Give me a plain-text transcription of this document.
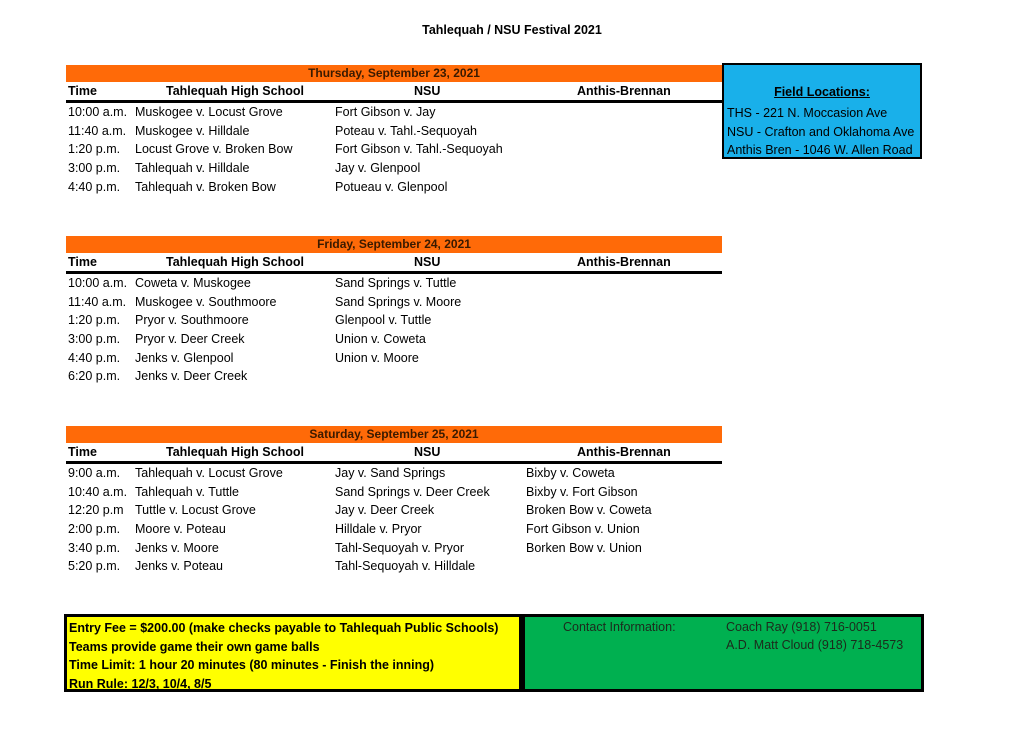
Tahlequah / NSU Festival 2021
Thursday, September 23, 2021
Time	Tahlequah High School	NSU	Anthis-Brennan
10:00 a.m. Muskogee v. Locust Grove	Fort Gibson v. Jay
11:40 a.m. Muskogee v. Hilldale	Poteau v. Tahl.-Sequoyah
1:20 p.m. Locust Grove v. Broken Bow	Fort Gibson v. Tahl.-Sequoyah
3:00 p.m. Tahlequah v. Hilldale	Jay v. Glenpool
4:40 p.m. Tahlequah v. Broken Bow	Potueau v. Glenpool
Friday, September 24, 2021
Time	Tahlequah High School	NSU	Anthis-Brennan
10:00 a.m. Coweta v. Muskogee	Sand Springs v. Tuttle
11:40 a.m. Muskogee v. Southmoore	Sand Springs v. Moore
1:20 p.m. Pryor v. Southmoore	Glenpool v. Tuttle
3:00 p.m. Pryor v. Deer Creek	Union v. Coweta
4:40 p.m. Jenks v. Glenpool	Union v. Moore
6:20 p.m. Jenks v. Deer Creek
Saturday, September 25, 2021
Time	Tahlequah High School	NSU	Anthis-Brennan
9:00 a.m. Tahlequah v. Locust Grove	Jay v. Sand Springs	Bixby v. Coweta
10:40 a.m. Tahlequah v. Tuttle	Sand Springs v. Deer Creek	Bixby v. Fort Gibson
12:20 p.m Tuttle v. Locust Grove	Jay v. Deer Creek	Broken Bow v. Coweta
2:00 p.m. Moore v. Poteau	Hilldale v. Pryor	Fort Gibson v. Union
3:40 p.m. Jenks v. Moore	Tahl-Sequoyah v. Pryor	Borken Bow v. Union
5:20 p.m. Jenks v. Poteau	Tahl-Sequoyah v. Hilldale
Field Locations:
THS - 221 N. Moccasion Ave
NSU - Crafton and Oklahoma Ave
Anthis Bren - 1046 W. Allen Road
Entry Fee = $200.00 (make checks payable to Tahlequah Public Schools)
Teams provide game their own game balls
Time Limit: 1 hour 20 minutes (80 minutes - Finish the inning)
Run Rule: 12/3, 10/4, 8/5
Contact Information:	Coach Ray (918) 716-0051
A.D. Matt Cloud (918) 718-4573
